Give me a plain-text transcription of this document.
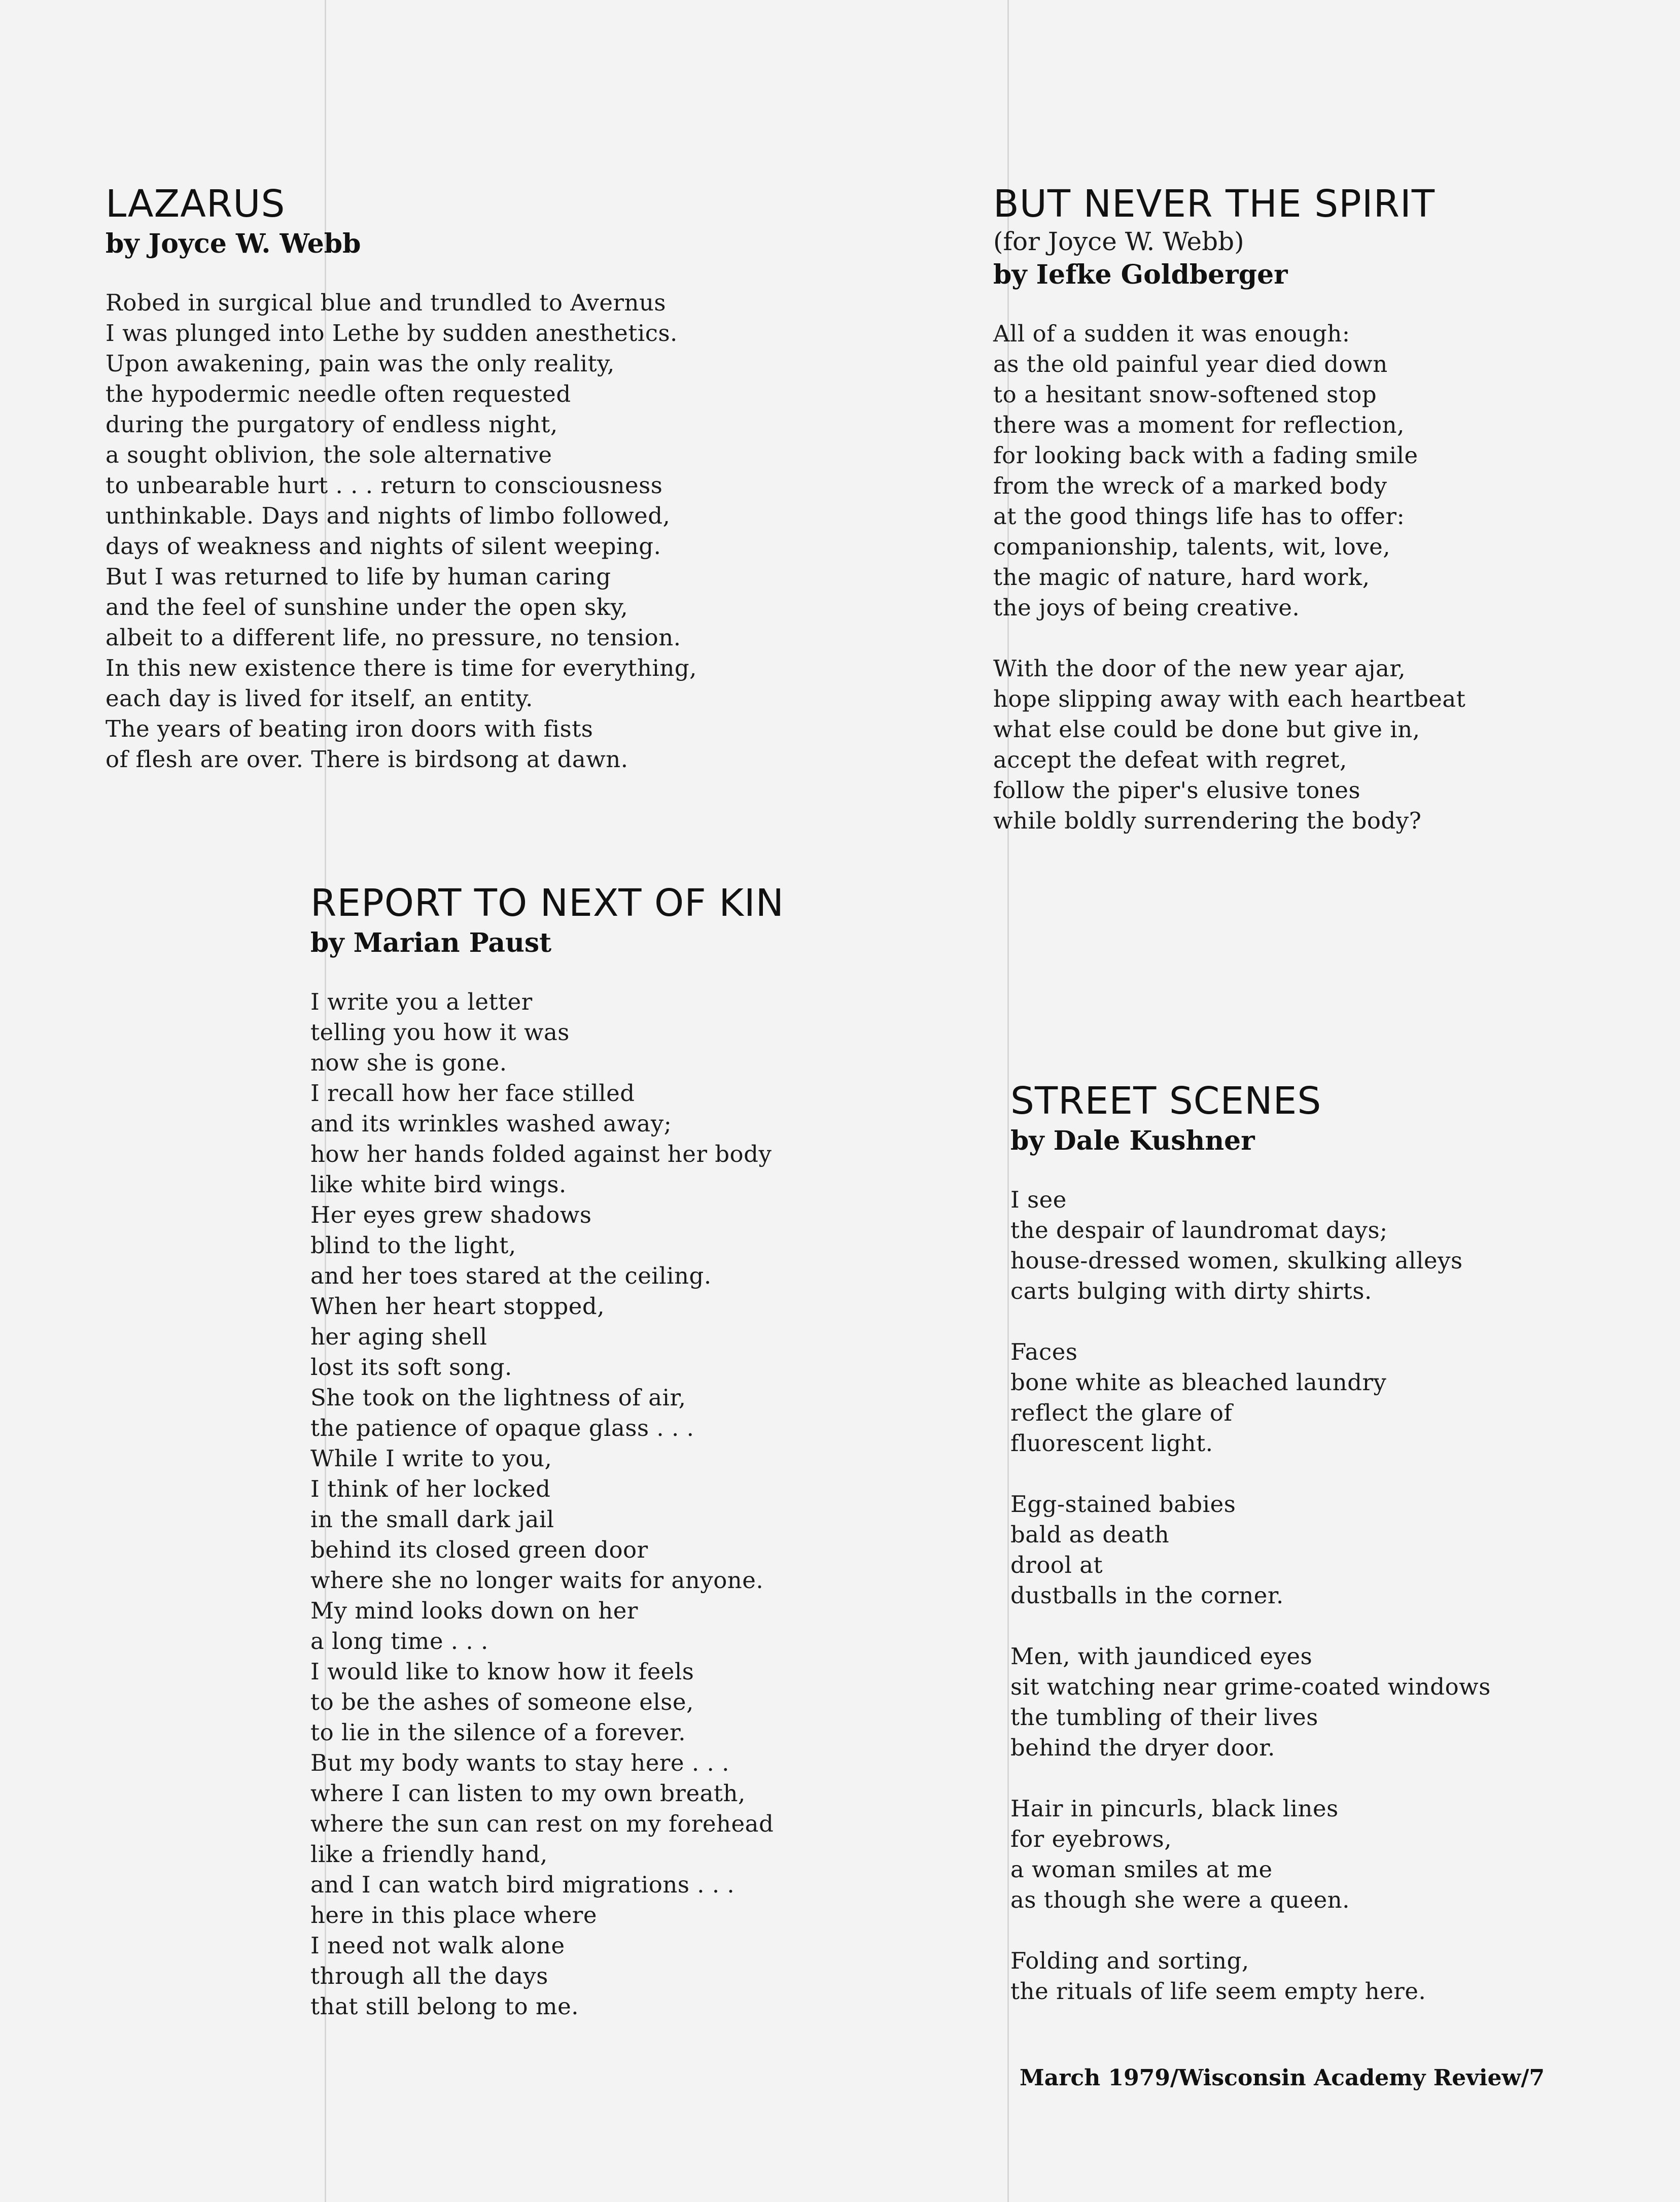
LAZARUS
by Joyce W. Webb

Robed in surgical blue and trundled to Avernus
I was plunged into Lethe by sudden anesthetics.
Upon awakening, pain was the only reality,
the hypodermic needle often requested
during the purgatory of endless night,
a sought oblivion, the sole alternative
to unbearable hurt . . . return to consciousness
unthinkable. Days and nights of limbo followed,
days of weakness and nights of silent weeping.
But I was returned to life by human caring
and the feel of sunshine under the open sky,
albeit to a different life, no pressure, no tension.
In this new existence there is time for everything,
each day is lived for itself, an entity.
The years of beating iron doors with fists
of flesh are over. There is birdsong at dawn.

BUT NEVER THE SPIRIT

(for Joyce W. Webb)

by Iefke Goldberger

All of a sudden it was enough:
as the old painful year died down
to a hesitant snow-softened stop
there was a moment for reflection,
for looking back with a fading smile
from the wreck of a marked body
at the good things life has to offer:
companionship, talents, wit, love,
the magic of nature, hard work,
the joys of being creative.

With the door of the new year ajar,
hope slipping away with each heartbeat
what else could be done but give in,
accept the defeat with regret,
follow the piper's elusive tones
while boldly surrendering the body?

REPORT TO NEXT OF KIN
by Marian Paust

I write you a letter
telling you how it was
now she is gone.
I recall how her face stilled
and its wrinkles washed away;
how her hands folded against her body
like white bird wings.
Her eyes grew shadows
blind to the light,
and her toes stared at the ceiling.
When her heart stopped,
her aging shell
lost its soft song.
She took on the lightness of air,
the patience of opaque glass . . .
While I write to you,
I think of her locked
in the small dark jail
behind its closed green door
where she no longer waits for anyone.
My mind looks down on her
a long time . . .
I would like to know how it feels
to be the ashes of someone else,
to lie in the silence of a forever.
But my body wants to stay here . . .
where I can listen to my own breath,
where the sun can rest on my forehead
like a friendly hand,
and I can watch bird migrations . . .
here in this place where
I need not walk alone
through all the days
that still belong to me.

STREET SCENES
by Dale Kushner

I see
the despair of laundromat days;
house-dressed women, skulking alleys
carts bulging with dirty shirts.

Faces
bone white as bleached laundry
reflect the glare of
fluorescent light.

Egg-stained babies
bald as death
drool at
dustballs in the corner.

Men, with jaundiced eyes
sit watching near grime-coated windows
the tumbling of their lives
behind the dryer door.

Hair in pincurls, black lines
for eyebrows,
a woman smiles at me
as though she were a queen.

Folding and sorting,
the rituals of life seem empty here.

March 1979/Wisconsin Academy Review/7
